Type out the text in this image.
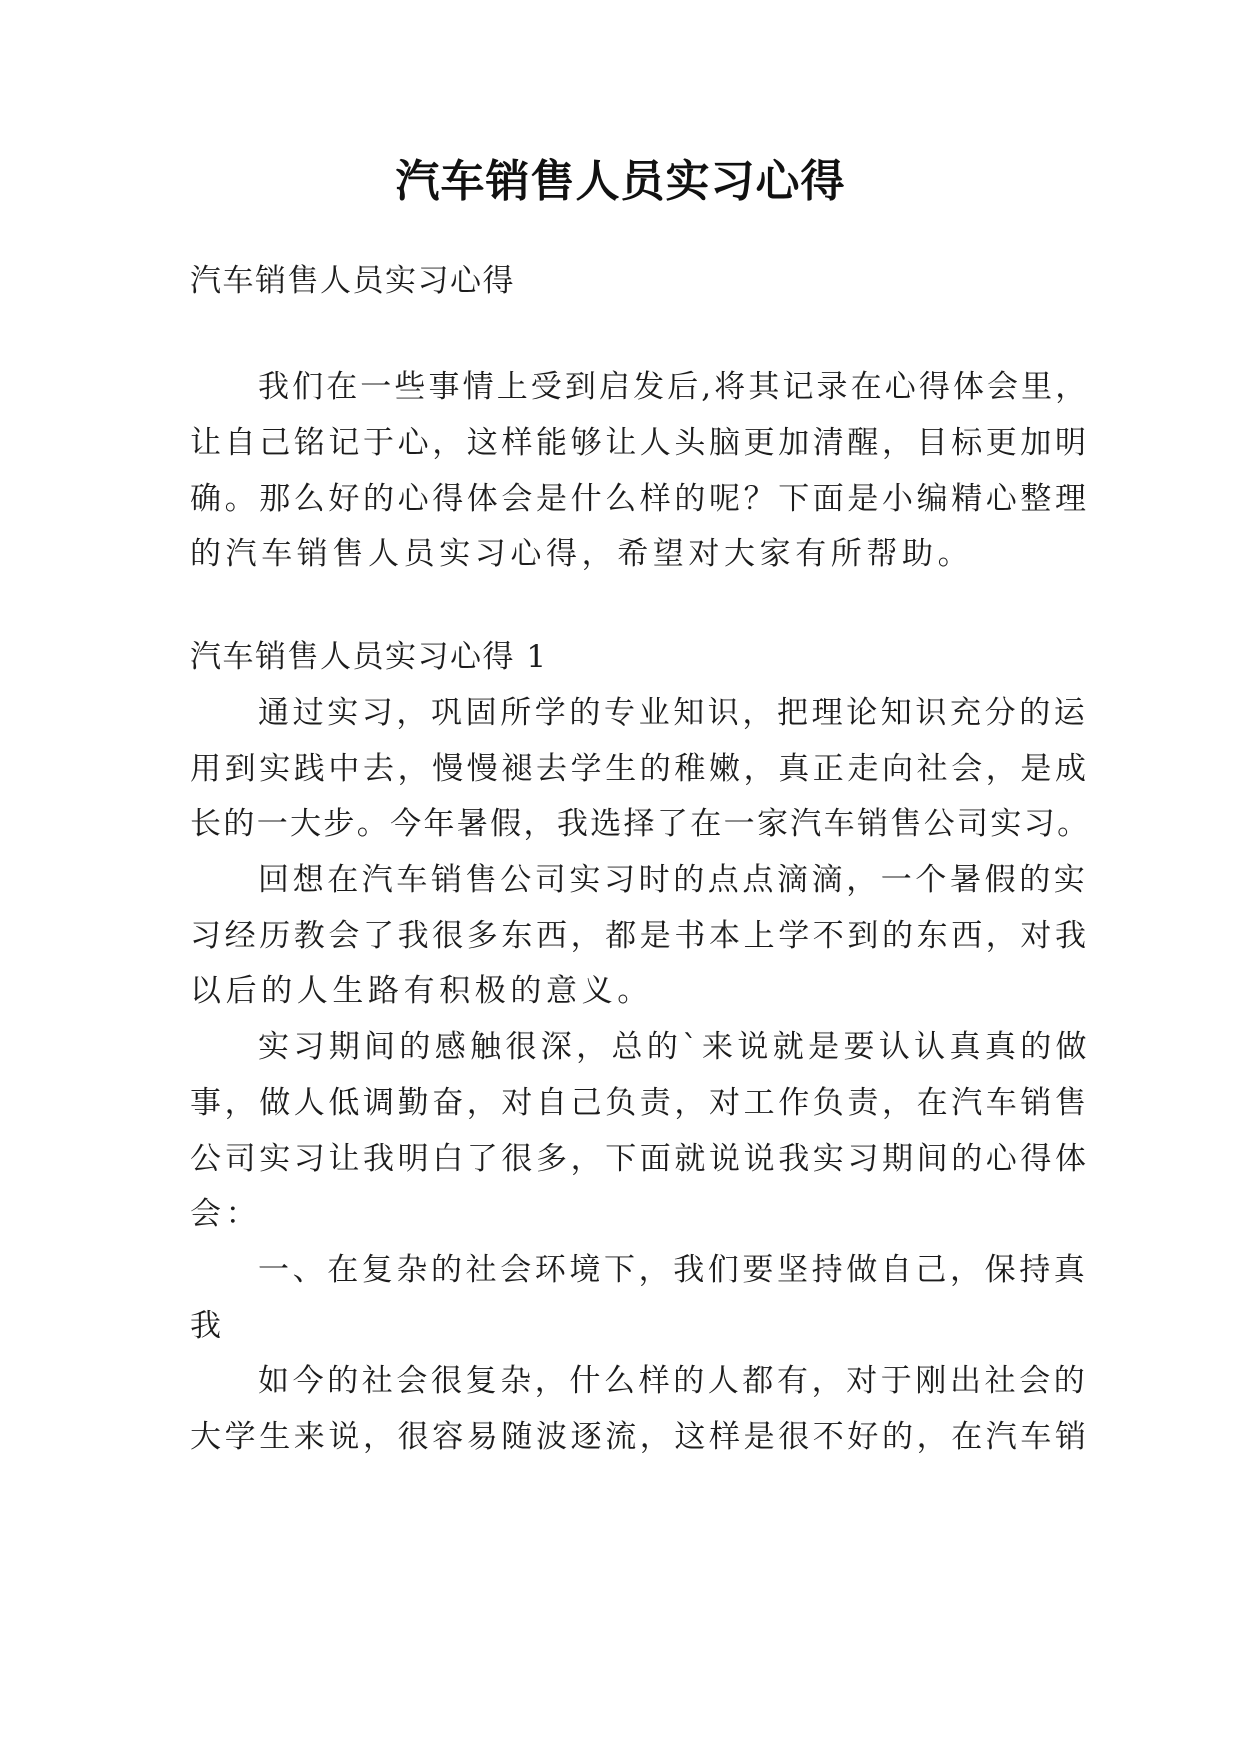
汽车销售人员实习心得

汽车销售人员实习心得

我们在一些事情上受到启发后,将其记录在心得体会里，

让自己铭记于心，这样能够让人头脑更加清醒，目标更加明

确。那么好的心得体会是什么样的呢？下面是小编精心整理

的汽车销售人员实习心得，希望对大家有所帮助。

汽车销售人员实习心得 1

通过实习，巩固所学的专业知识，把理论知识充分的运

用到实践中去，慢慢褪去学生的稚嫩，真正走向社会，是成

长的一大步。今年暑假，我选择了在一家汽车销售公司实习。

回想在汽车销售公司实习时的点点滴滴，一个暑假的实

习经历教会了我很多东西，都是书本上学不到的东西，对我

以后的人生路有积极的意义。

实习期间的感触很深，总的`来说就是要认认真真的做

事，做人低调勤奋，对自己负责，对工作负责，在汽车销售

公司实习让我明白了很多，下面就说说我实习期间的心得体

会：

一、在复杂的社会环境下，我们要坚持做自己，保持真

我

如今的社会很复杂，什么样的人都有，对于刚出社会的

大学生来说，很容易随波逐流，这样是很不好的，在汽车销
